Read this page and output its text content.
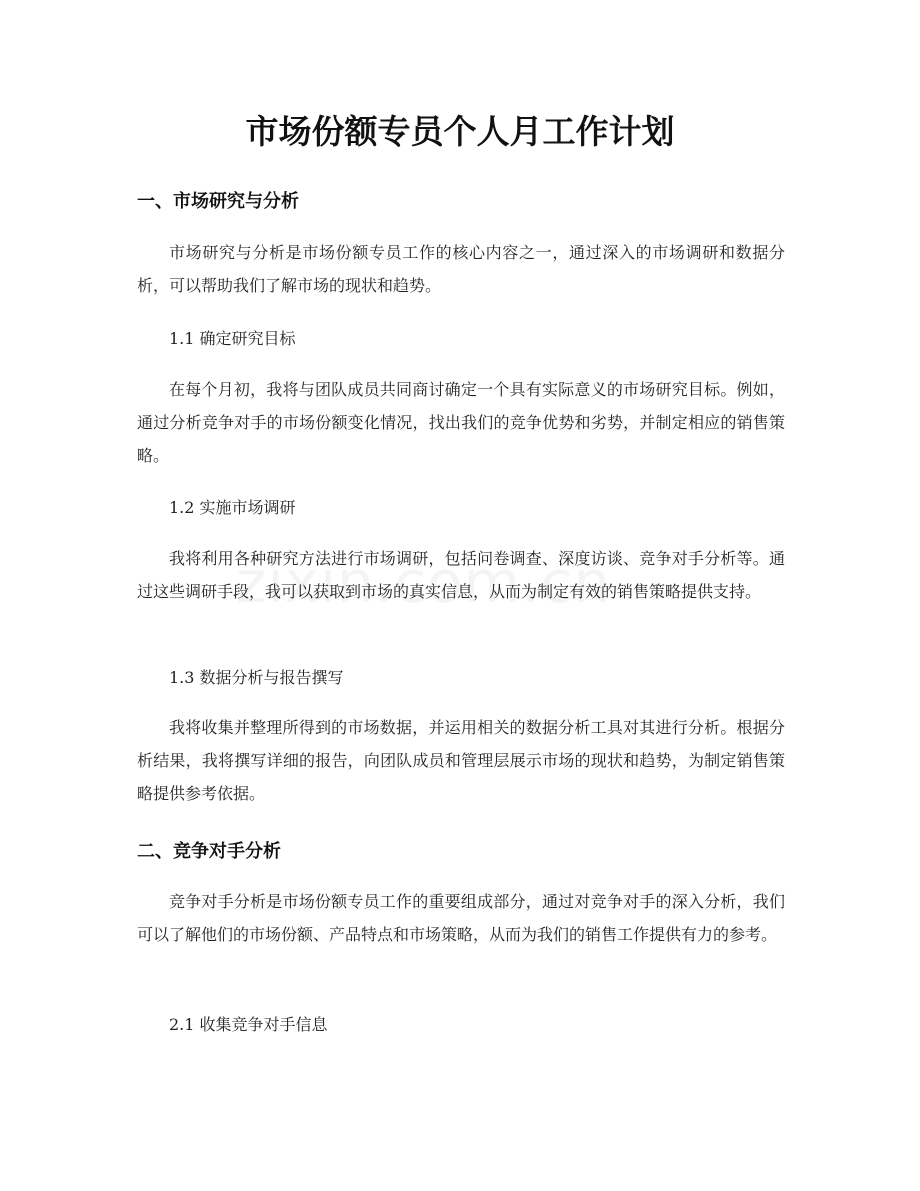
市场份额专员个人月工作计划
一、市场研究与分析
市场研究与分析是市场份额专员工作的核心内容之一，通过深入的市场调研和数据分析，可以帮助我们了解市场的现状和趋势。
1.1 确定研究目标
在每个月初，我将与团队成员共同商讨确定一个具有实际意义的市场研究目标。例如，通过分析竞争对手的市场份额变化情况，找出我们的竞争优势和劣势，并制定相应的销售策略。
1.2 实施市场调研
我将利用各种研究方法进行市场调研，包括问卷调查、深度访谈、竞争对手分析等。通过这些调研手段，我可以获取到市场的真实信息，从而为制定有效的销售策略提供支持。
1.3 数据分析与报告撰写
我将收集并整理所得到的市场数据，并运用相关的数据分析工具对其进行分析。根据分析结果，我将撰写详细的报告，向团队成员和管理层展示市场的现状和趋势，为制定销售策略提供参考依据。
二、竞争对手分析
竞争对手分析是市场份额专员工作的重要组成部分，通过对竞争对手的深入分析，我们可以了解他们的市场份额、产品特点和市场策略，从而为我们的销售工作提供有力的参考。
2.1 收集竞争对手信息
